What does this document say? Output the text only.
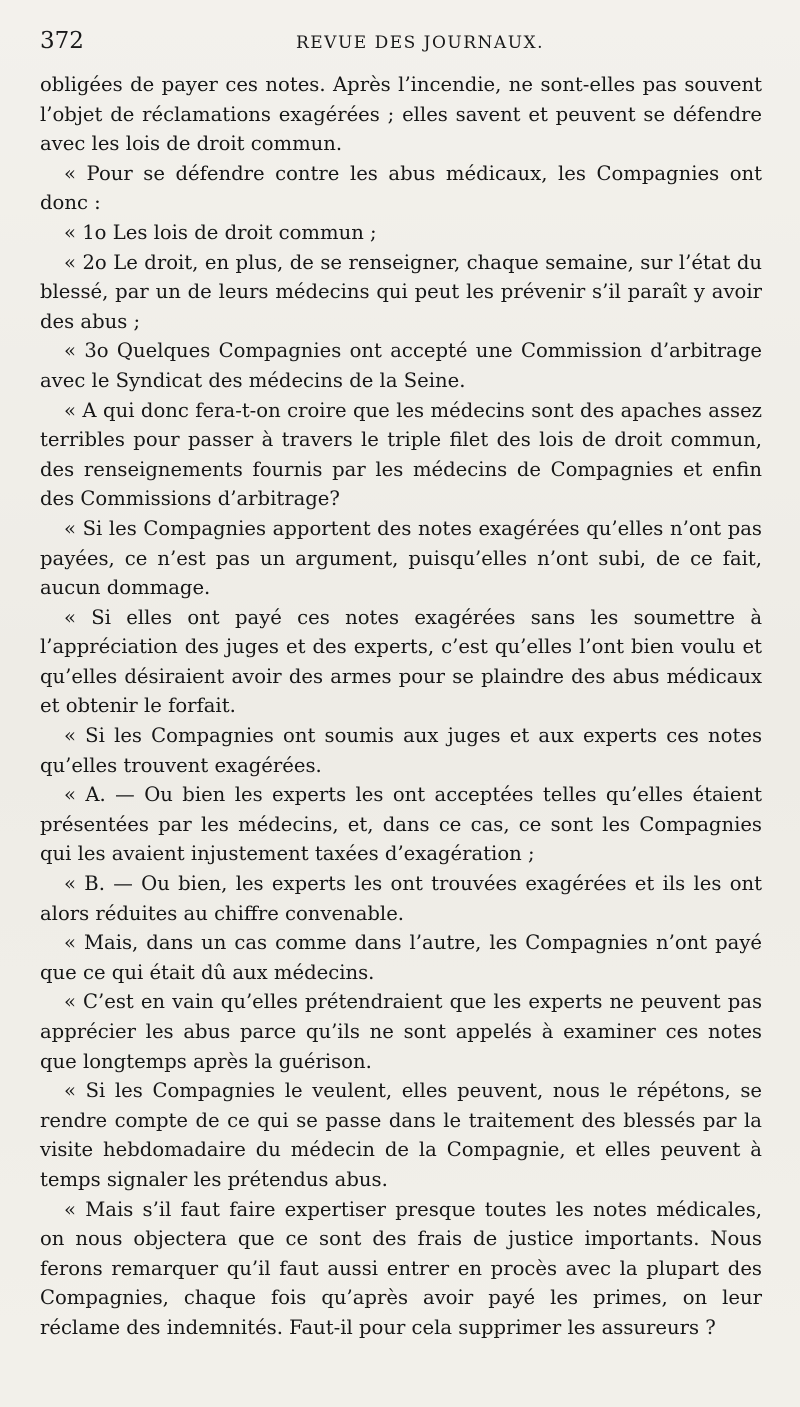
372	REVUE DES JOURNAUX.

obligées de payer ces notes. Après l’incendie, ne sont-elles pas souvent l’objet de réclamations exagérées ; elles savent et peuvent se défendre avec les lois de droit commun.

« Pour se défendre contre les abus médicaux, les Compagnies ont donc :

« 1o Les lois de droit commun ;

« 2o Le droit, en plus, de se renseigner, chaque semaine, sur l’état du blessé, par un de leurs médecins qui peut les prévenir s’il paraît y avoir des abus ;

« 3o Quelques Compagnies ont accepté une Commission d’arbitrage avec le Syndicat des médecins de la Seine.

« A qui donc fera-t-on croire que les médecins sont des apaches assez terribles pour passer à travers le triple filet des lois de droit commun, des renseignements fournis par les médecins de Compagnies et enfin des Commissions d’arbitrage?

« Si les Compagnies apportent des notes exagérées qu’elles n’ont pas payées, ce n’est pas un argument, puisqu’elles n’ont subi, de ce fait, aucun dommage.

« Si elles ont payé ces notes exagérées sans les soumettre à l’appréciation des juges et des experts, c’est qu’elles l’ont bien voulu et qu’elles désiraient avoir des armes pour se plaindre des abus médicaux et obtenir le forfait.

« Si les Compagnies ont soumis aux juges et aux experts ces notes qu’elles trouvent exagérées.

« A. — Ou bien les experts les ont acceptées telles qu’elles étaient présentées par les médecins, et, dans ce cas, ce sont les Compagnies qui les avaient injustement taxées d’exagération ;

« B. — Ou bien, les experts les ont trouvées exagérées et ils les ont alors réduites au chiffre convenable.

« Mais, dans un cas comme dans l’autre, les Compagnies n’ont payé que ce qui était dû aux médecins.

« C’est en vain qu’elles prétendraient que les experts ne peuvent pas apprécier les abus parce qu’ils ne sont appelés à examiner ces notes que longtemps après la guérison.

« Si les Compagnies le veulent, elles peuvent, nous le répétons, se rendre compte de ce qui se passe dans le traitement des blessés par la visite hebdomadaire du médecin de la Compagnie, et elles peuvent à temps signaler les prétendus abus.

« Mais s’il faut faire expertiser presque toutes les notes médicales, on nous objectera que ce sont des frais de justice importants. Nous ferons remarquer qu’il faut aussi entrer en procès avec la plupart des Compagnies, chaque fois qu’après avoir payé les primes, on leur réclame des indemnités. Faut-il pour cela supprimer les assureurs ?
